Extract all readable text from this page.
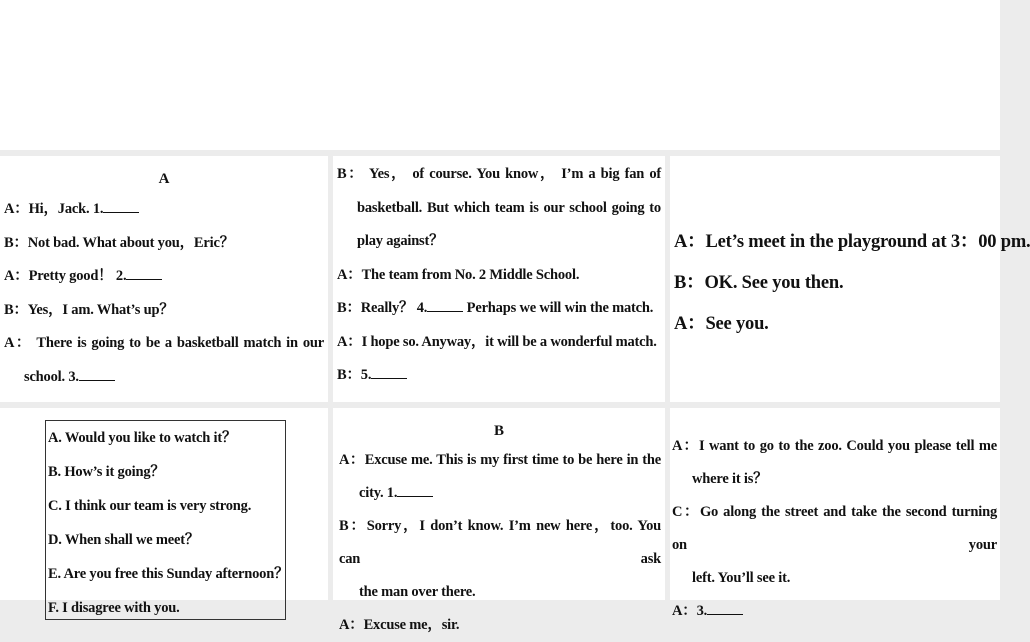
A
A：Hi，Jack. 1.
B：Not bad. What about you，Eric？
A：Pretty good！ 2.
B：Yes，I am. What’s up？
A： There is going to be a basketball match in our
school. 3.
B： Yes， of course. You know， I’m a big fan of
basketball. But which team is our school going to
play against？
A：The team from No. 2 Middle School.
B：Really？ 4. Perhaps we will win the match.
A：I hope so. Anyway，it will be a wonderful match.
B：5.
A：Let’s meet in the playground at 3：00 pm.
B：OK. See you then.
A：See you.
A. Would you like to watch it？
B. How’s it going？
C. I think our team is very strong.
D. When shall we meet？
E. Are you free this Sunday afternoon？
F. I disagree with you.
B
A：Excuse me. This is my first time to be here in the
city. 1.
B：Sorry，I don’t know. I’m new here，too. You can ask
the man over there.
A：Excuse me，sir.
A：I want to go to the zoo. Could you please tell me
where it is？
C：Go along the street and take the second turning on your
left. You’ll see it.
A：3.
